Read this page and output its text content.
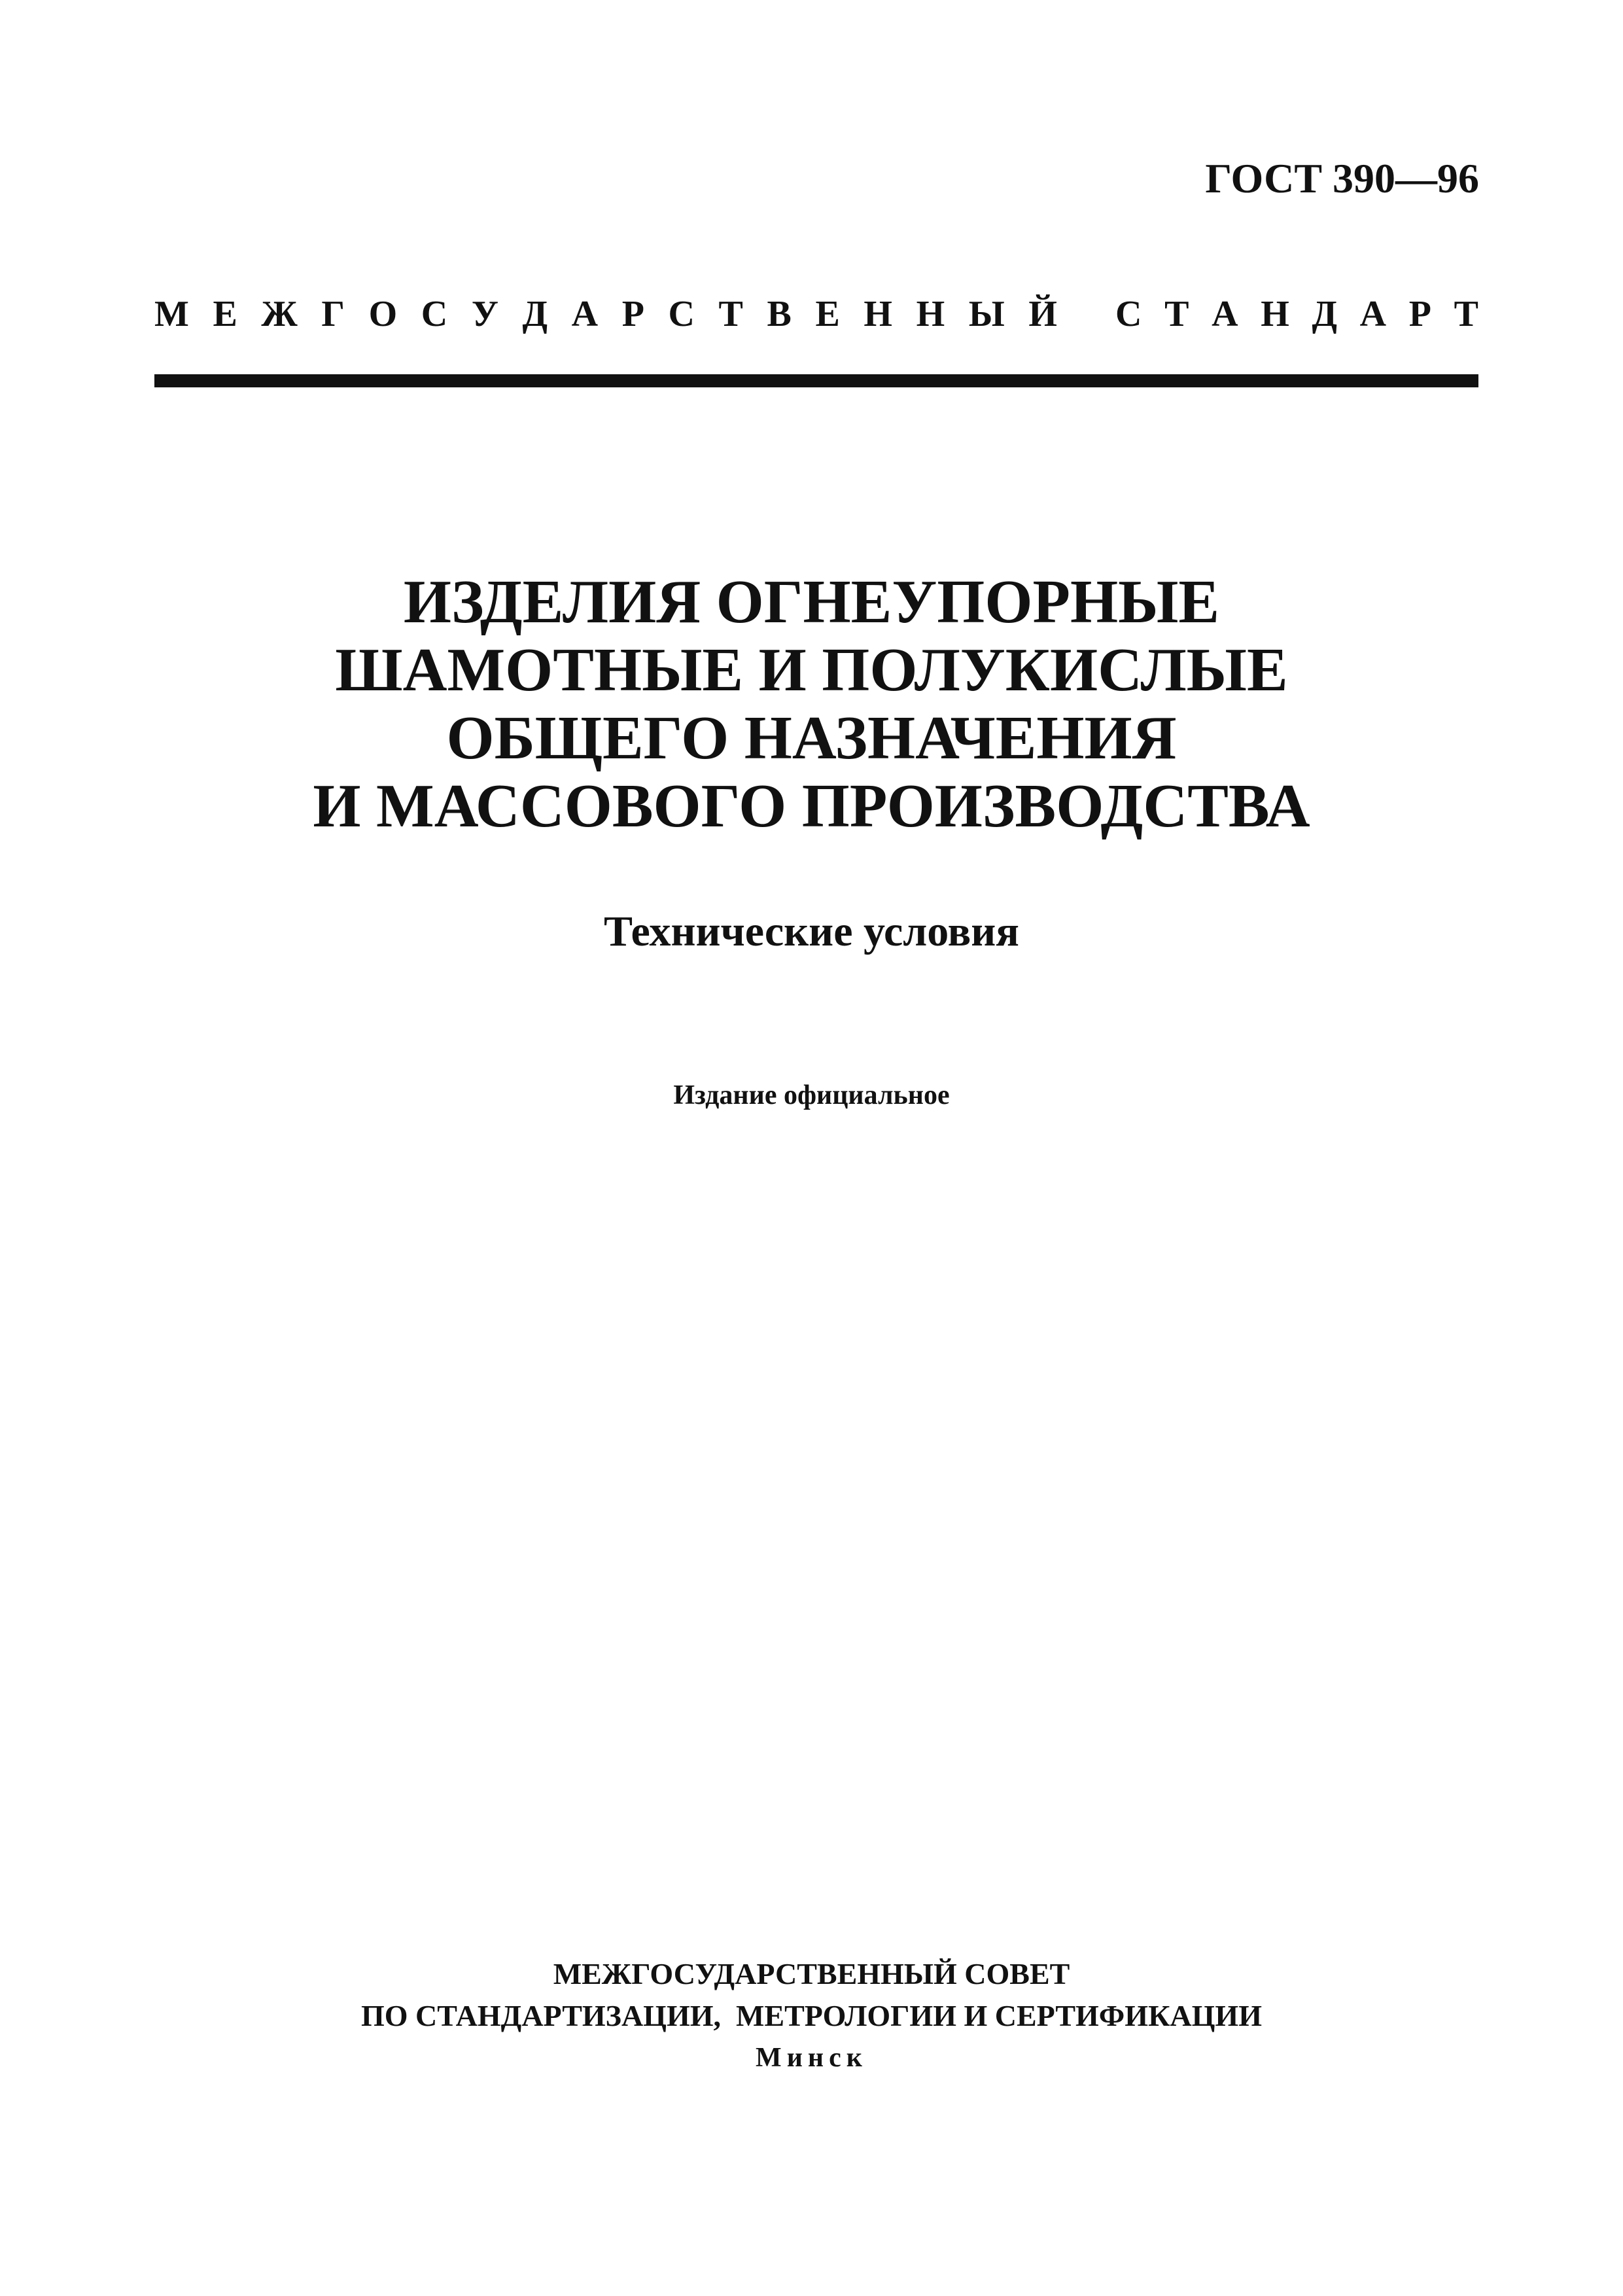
ГОСТ 390—96
М Е Ж Г О С У Д А Р С Т В Е Н Н Ы Й С Т А Н Д А Р Т
ИЗДЕЛИЯ ОГНЕУПОРНЫЕ
ШАМОТНЫЕ И ПОЛУКИСЛЫЕ
ОБЩЕГО НАЗНАЧЕНИЯ
И МАССОВОГО ПРОИЗВОДСТВА
Технические условия
Издание официальное
МЕЖГОСУДАРСТВЕННЫЙ СОВЕТ
ПО СТАНДАРТИЗАЦИИ,  МЕТРОЛОГИИ И СЕРТИФИКАЦИИ
Минск
